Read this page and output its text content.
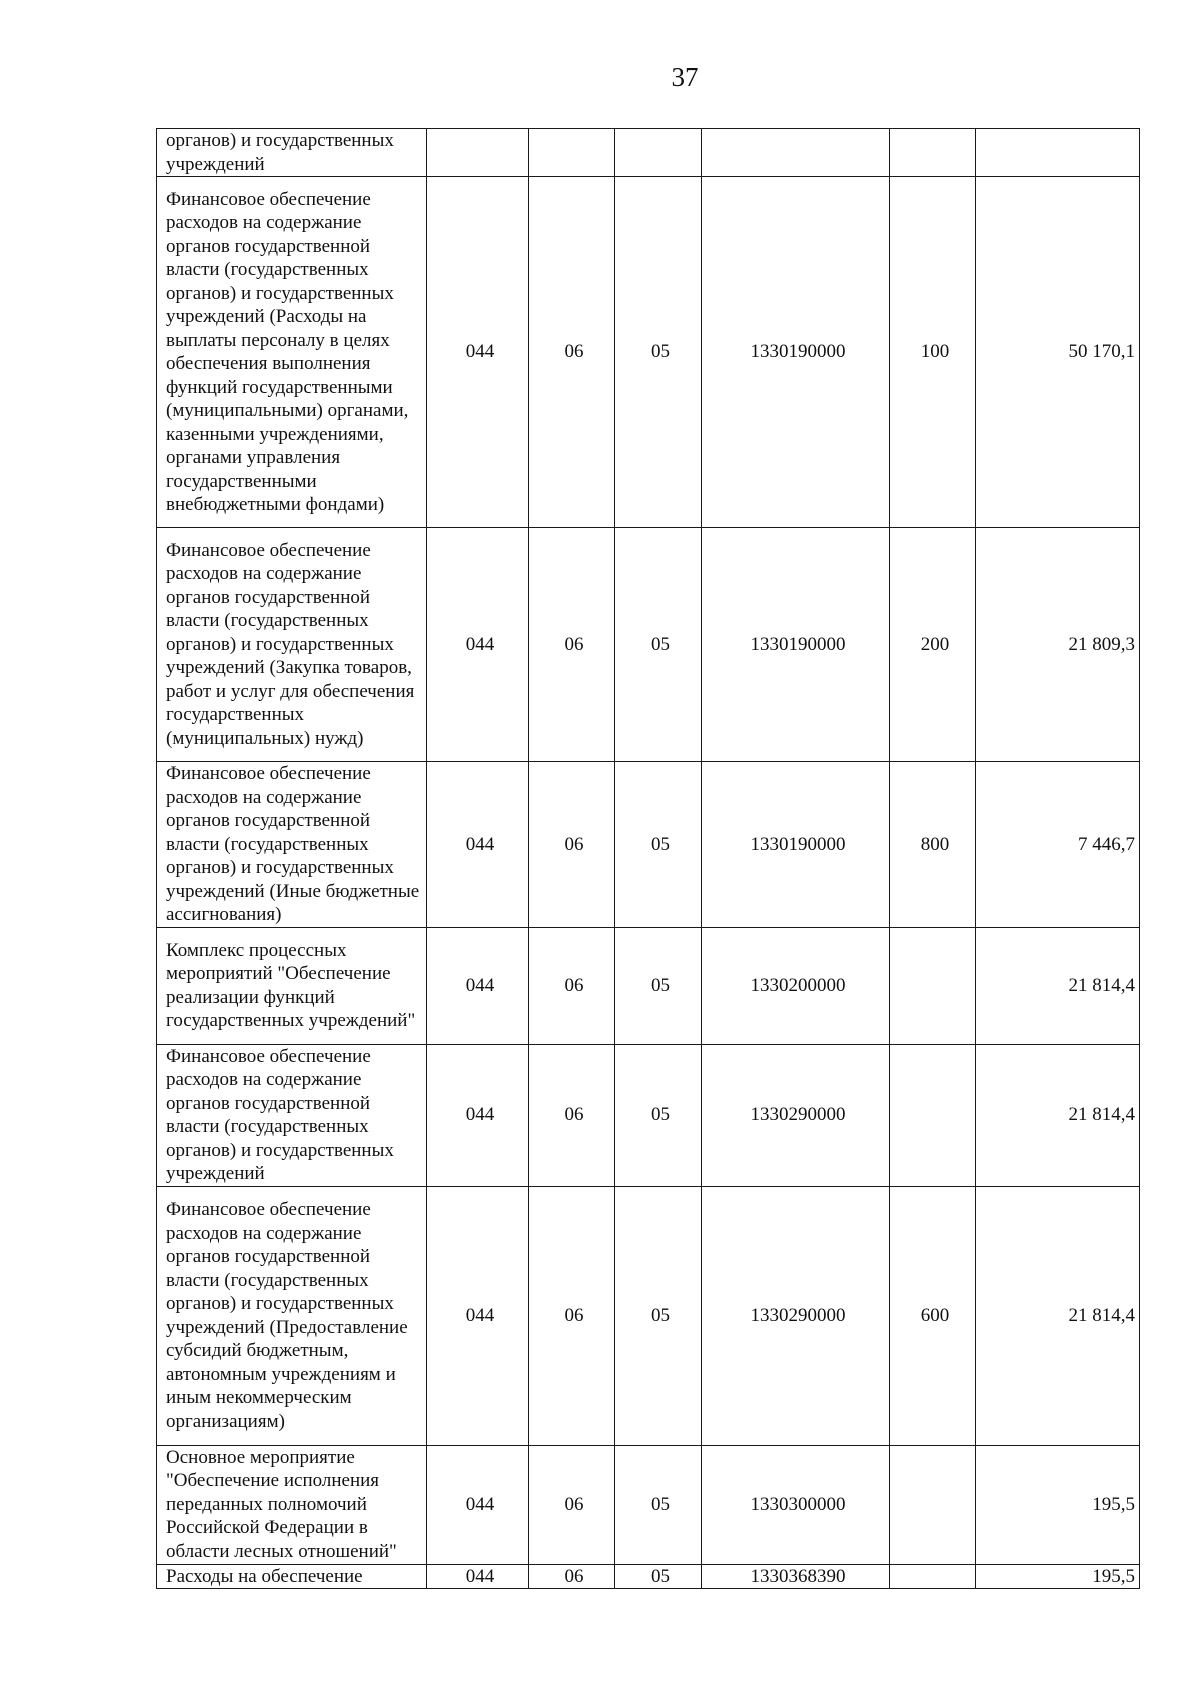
37
органов) и государственных учреждений						
Финансовое обеспечение расходов на содержание органов государственной власти (государственных органов) и государственных учреждений (Расходы на выплаты персоналу в целях обеспечения выполнения функций государственными (муниципальными) органами, казенными учреждениями, органами управления государственными внебюджетными фондами)	044	06	05	1330190000	100	50 170,1
Финансовое обеспечение расходов на содержание органов государственной власти (государственных органов) и государственных учреждений (Закупка товаров, работ и услуг для обеспечения государственных (муниципальных) нужд)	044	06	05	1330190000	200	21 809,3
Финансовое обеспечение расходов на содержание органов государственной власти (государственных органов) и государственных учреждений (Иные бюджетные ассигнования)	044	06	05	1330190000	800	7 446,7
Комплекс процессных мероприятий "Обеспечение реализации функций государственных учреждений"	044	06	05	1330200000		21 814,4
Финансовое обеспечение расходов на содержание органов государственной власти (государственных органов) и государственных учреждений	044	06	05	1330290000		21 814,4
Финансовое обеспечение расходов на содержание органов государственной власти (государственных органов) и государственных учреждений (Предоставление субсидий бюджетным, автономным учреждениям и иным некоммерческим организациям)	044	06	05	1330290000	600	21 814,4
Основное мероприятие "Обеспечение исполнения переданных полномочий Российской Федерации в области лесных отношений"	044	06	05	1330300000		195,5
Расходы на обеспечение	044	06	05	1330368390		195,5
